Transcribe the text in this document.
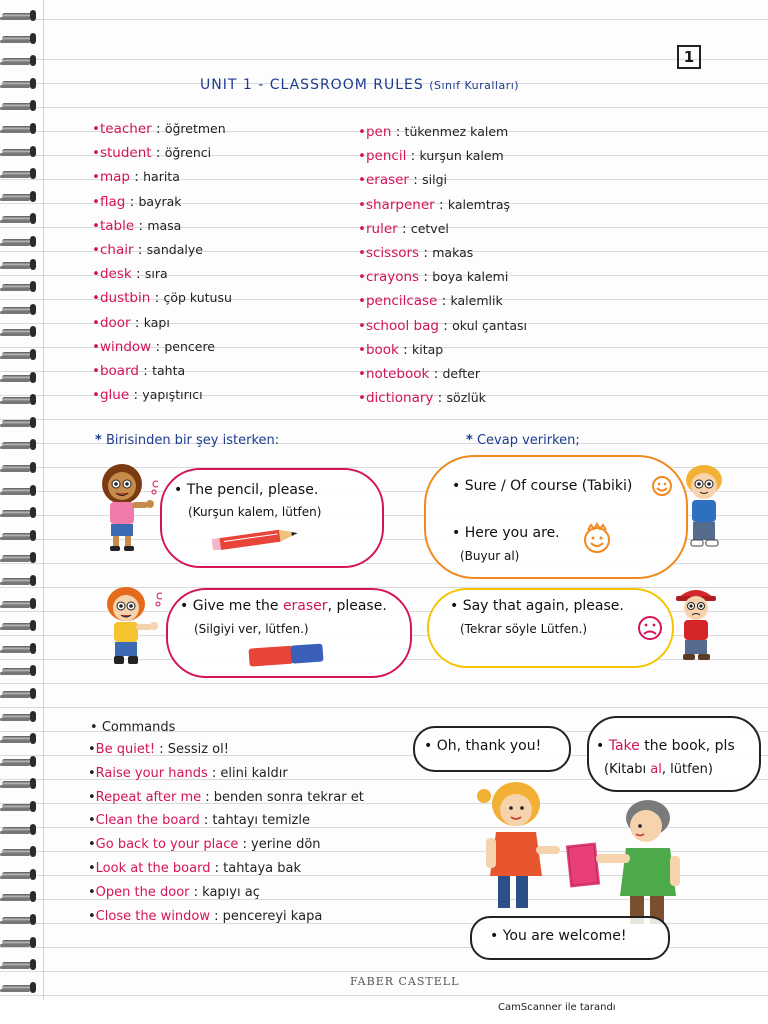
1
UNIT 1 - CLASSROOM RULES (Sınıf Kuralları)
•teacher : öğretmen
•student : öğrenci
•map : harita
•flag : bayrak
•table : masa
•chair : sandalye
•desk : sıra
•dustbin : çöp kutusu
•door : kapı
•window : pencere
•board : tahta
•glue : yapıştırıcı
•pen : tükenmez kalem
•pencil : kurşun kalem
•eraser : silgi
•sharpener : kalemtraş
•ruler : cetvel
•scissors : makas
•crayons : boya kalemi
•pencilcase : kalemlik
•school bag : okul çantası
•book : kitap
•notebook : defter
•dictionary : sözlük
* Birisinden bir şey isterken:	* Cevap verirken;
• The pencil, please.
(Kurşun kalem, lütfen)
• Sure / Of course (Tabiki)
• Here you are.
(Buyur al)
• Give me the eraser, please.
(Silgiyi ver, lütfen.)
• Say that again, please.
(Tekrar söyle Lütfen.)
• Commands
•Be quiet! : Sessiz ol!
•Raise your hands : elini kaldır
•Repeat after me : benden sonra tekrar et
•Clean the board : tahtayı temizle
•Go back to your place : yerine dön
•Look at the board : tahtaya bak
•Open the door : kapıyı aç
•Close the window : pencereyi kapa
• Oh, thank you!	• Take the book, pls
(Kitabı al, lütfen)
• You are welcome!
FABER CASTELL
CamScanner ile tarandı
